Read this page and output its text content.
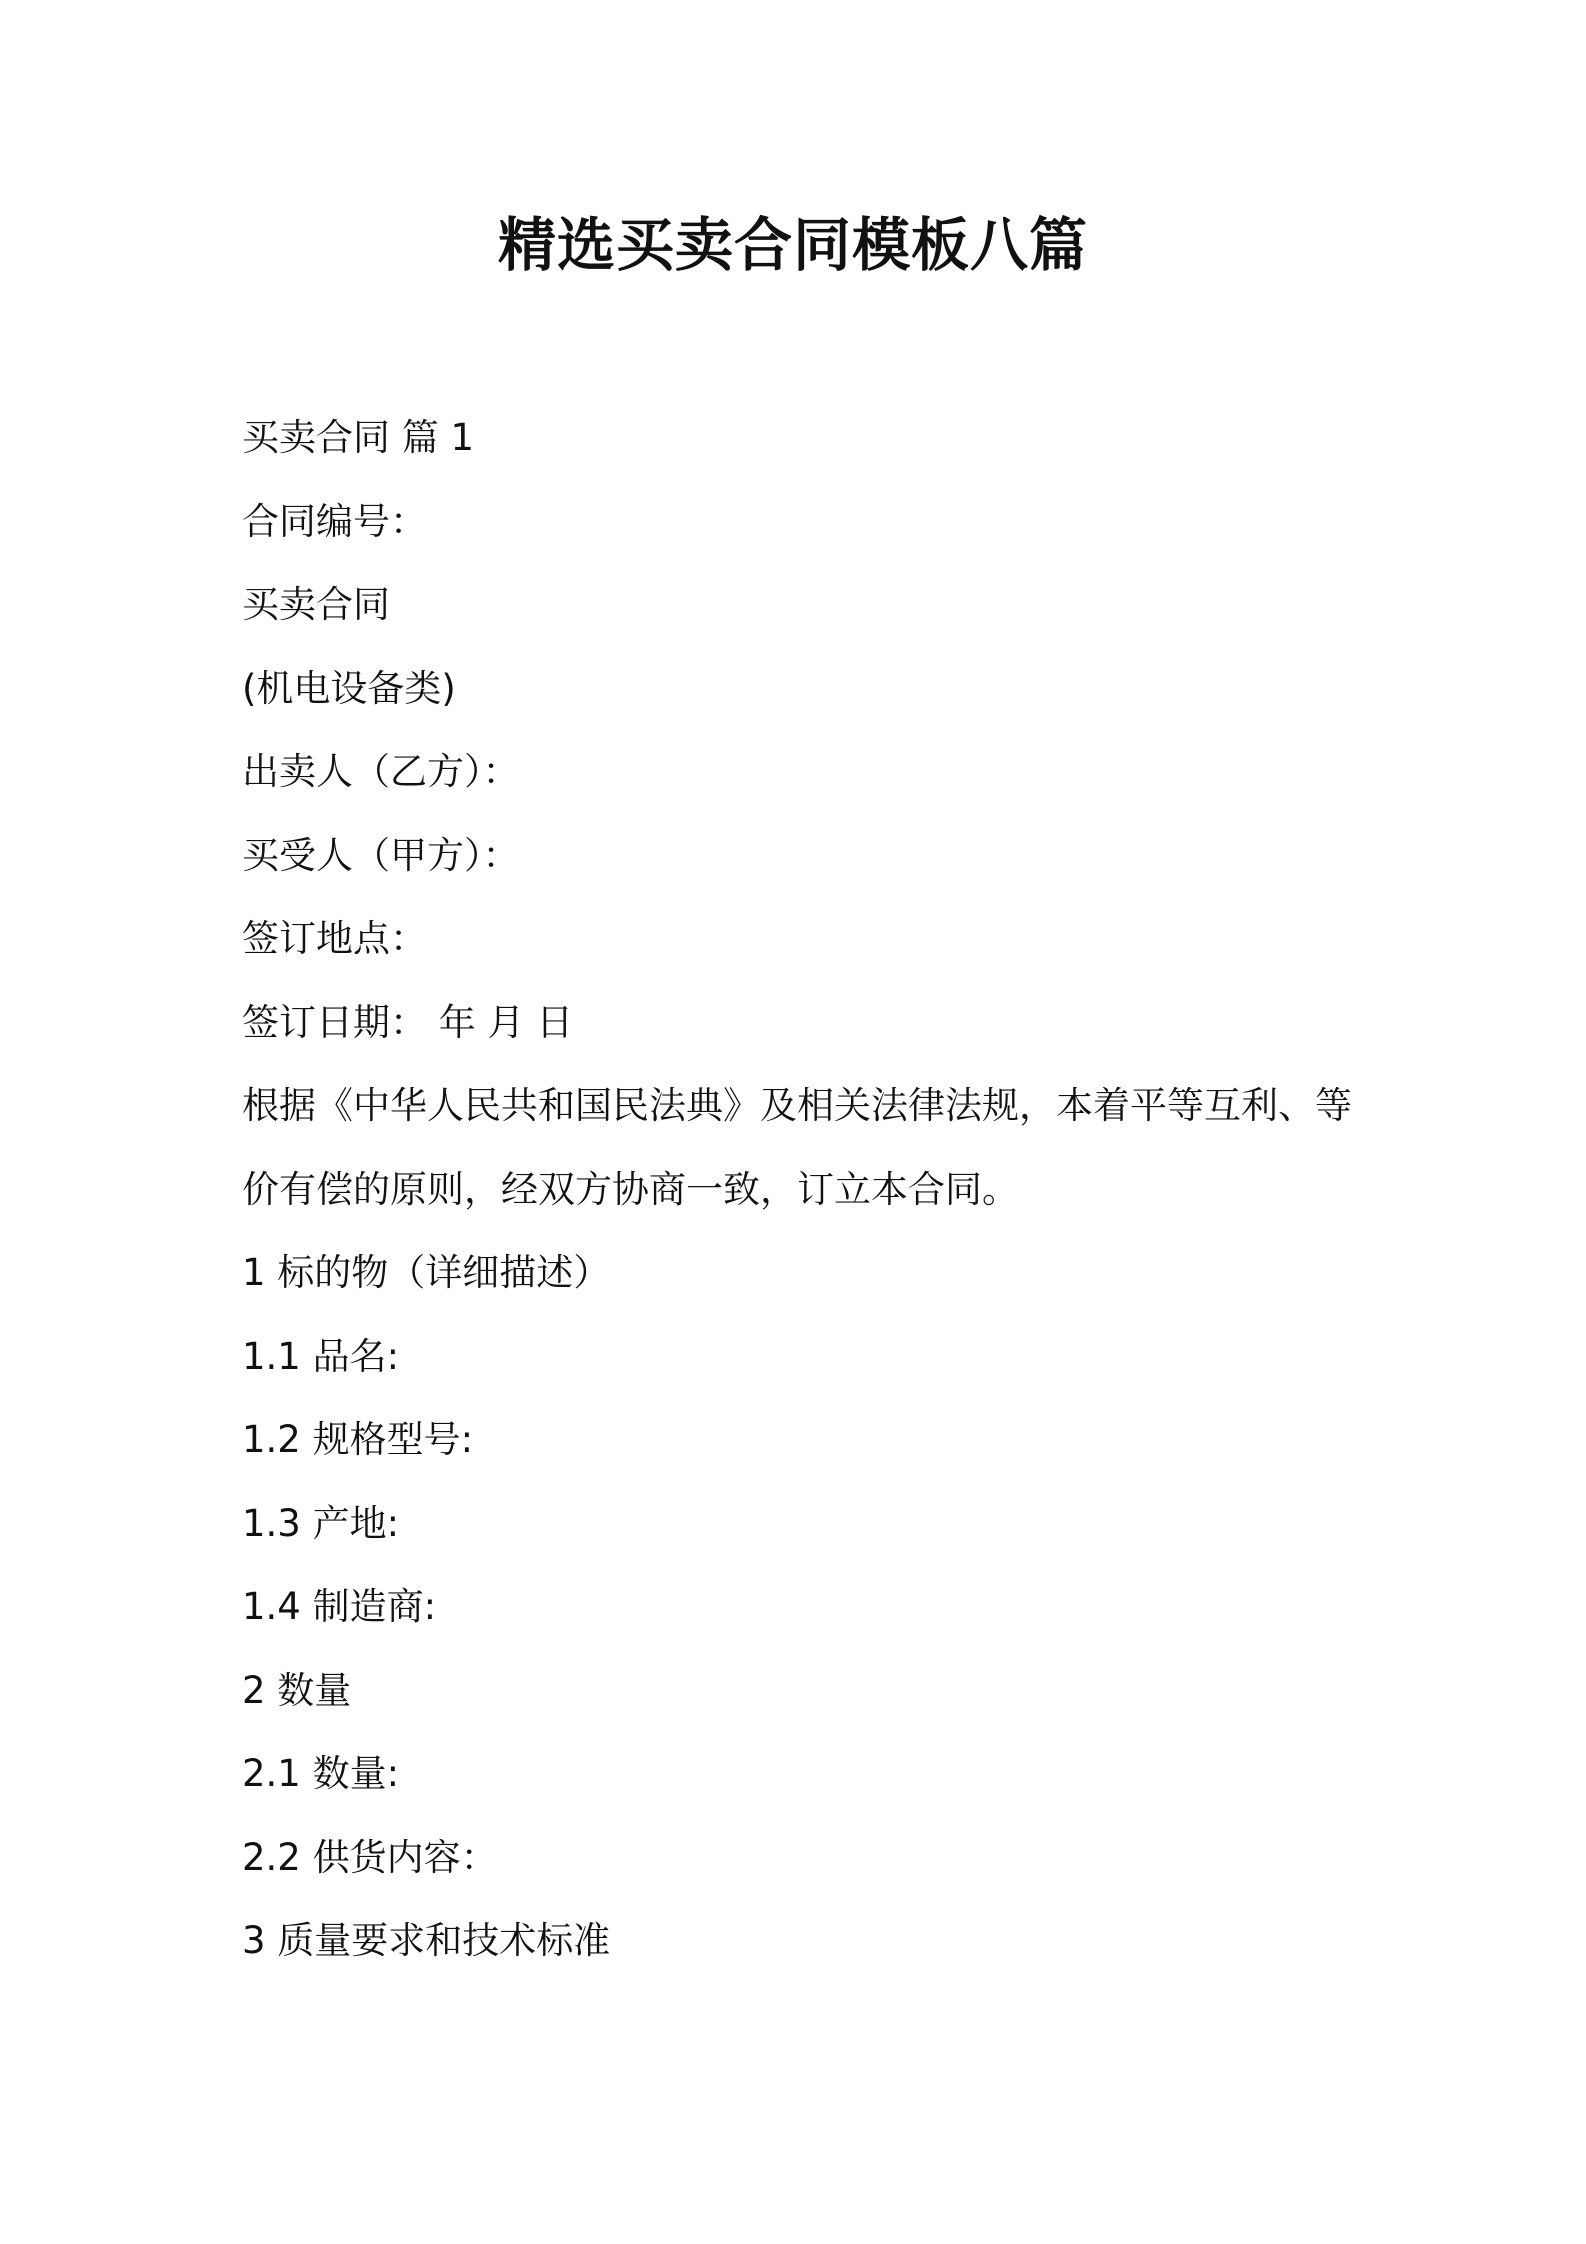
精选买卖合同模板八篇
买卖合同 篇 1
合同编号：
买卖合同
(机电设备类)
出卖人（乙方）：
买受人（甲方）：
签订地点：
签订日期： 年 月 日
根据《中华人民共和国民法典》及相关法律法规，本着平等互利、等
价有偿的原则，经双方协商一致，订立本合同。
1 标的物（详细描述）
1.1 品名:
1.2 规格型号:
1.3 产地:
1.4 制造商:
2 数量
2.1 数量:
2.2 供货内容：
3 质量要求和技术标准
